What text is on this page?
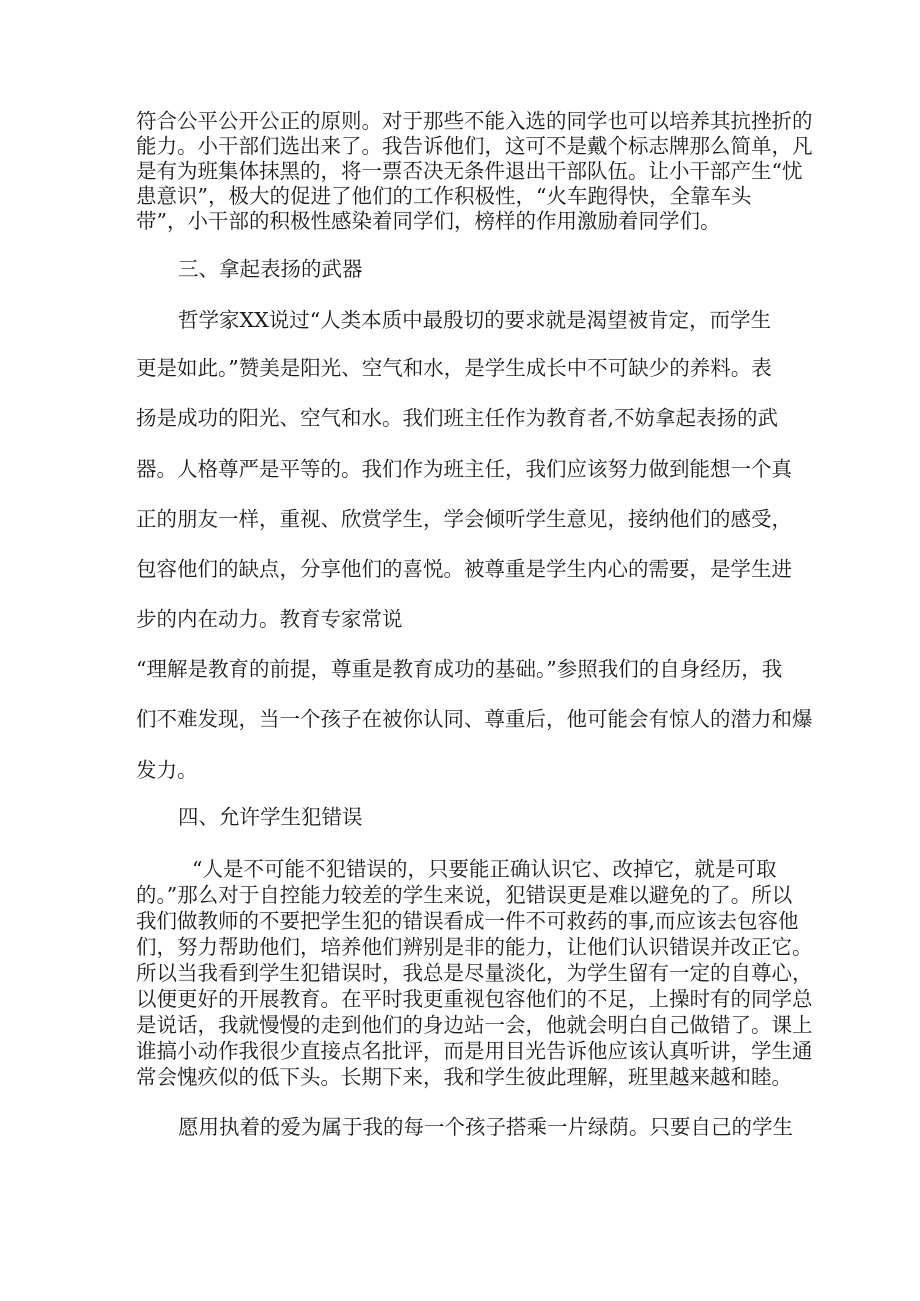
符合公平公开公正的原则。对于那些不能入选的同学也可以培养其抗挫折的

能力。小干部们选出来了。我告诉他们，这可不是戴个标志牌那么简单，凡

是有为班集体抹黑的，将一票否决无条件退出干部队伍。让小干部产生“忧

患意识”，极大的促进了他们的工作积极性，“火车跑得快，全靠车头

带”，小干部的积极性感染着同学们，榜样的作用激励着同学们。

三、拿起表扬的武器

哲学家XX说过“人类本质中最殷切的要求就是渴望被肯定，而学生

更是如此。”赞美是阳光、空气和水，是学生成长中不可缺少的养料。表

扬是成功的阳光、空气和水。我们班主任作为教育者,不妨拿起表扬的武

器。人格尊严是平等的。我们作为班主任，我们应该努力做到能想一个真

正的朋友一样，重视、欣赏学生，学会倾听学生意见，接纳他们的感受，

包容他们的缺点，分享他们的喜悦。被尊重是学生内心的需要，是学生进

步的内在动力。教育专家常说

“理解是教育的前提，尊重是教育成功的基础。”参照我们的自身经历，我

们不难发现，当一个孩子在被你认同、尊重后，他可能会有惊人的潜力和爆

发力。

四、允许学生犯错误

“人是不可能不犯错误的，只要能正确认识它、改掉它，就是可取

的。”那么对于自控能力较差的学生来说，犯错误更是难以避免的了。所以

我们做教师的不要把学生犯的错误看成一件不可救药的事,而应该去包容他

们，努力帮助他们，培养他们辨别是非的能力，让他们认识错误并改正它。

所以当我看到学生犯错误时，我总是尽量淡化，为学生留有一定的自尊心，

以便更好的开展教育。在平时我更重视包容他们的不足，上操时有的同学总

是说话，我就慢慢的走到他们的身边站一会，他就会明白自己做错了。课上

谁搞小动作我很少直接点名批评，而是用目光告诉他应该认真听讲，学生通

常会愧疚似的低下头。长期下来，我和学生彼此理解，班里越来越和睦。

愿用执着的爱为属于我的每一个孩子搭乘一片绿荫。只要自己的学生
